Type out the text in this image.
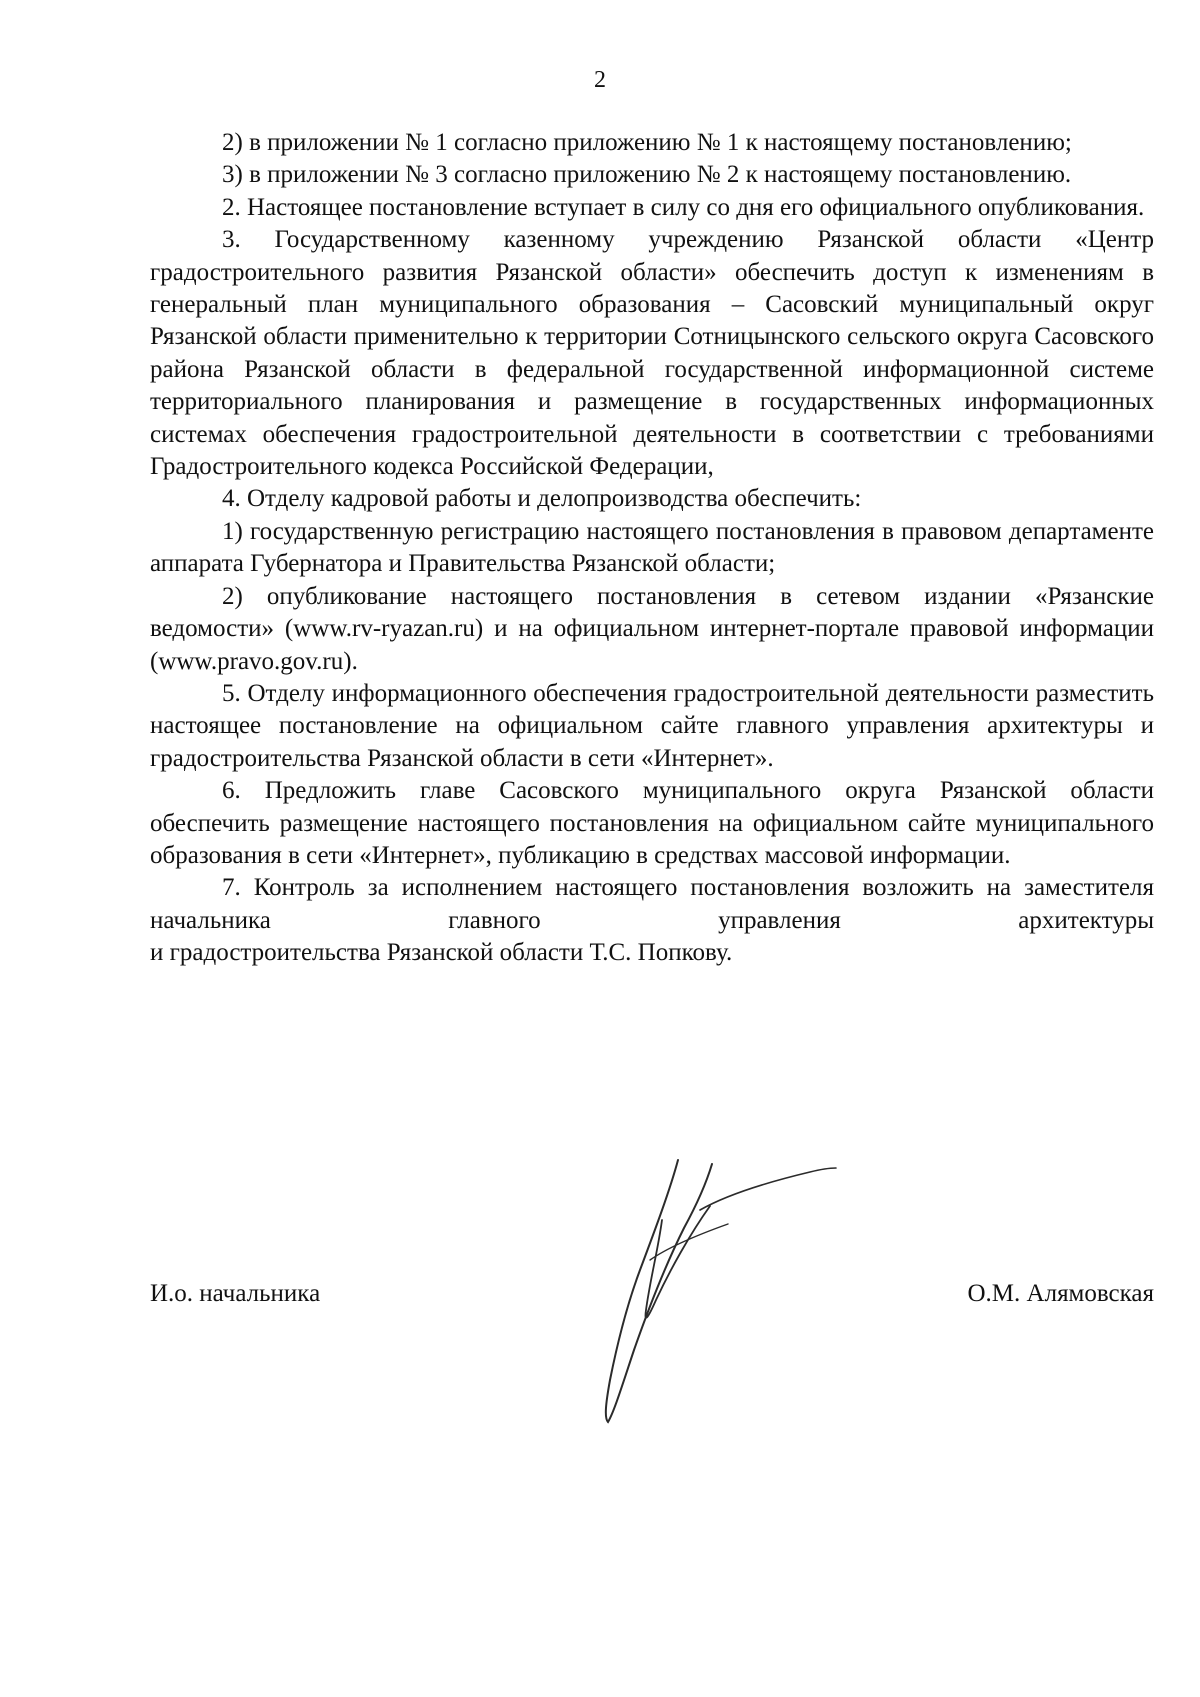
2

2) в приложении № 1 согласно приложению № 1 к настоящему постановлению;

3) в приложении № 3 согласно приложению № 2 к настоящему постановлению.

2. Настоящее постановление вступает в силу со дня его официального опубликования.

3. Государственному казенному учреждению Рязанской области «Центр градостроительного развития Рязанской области» обеспечить доступ к изменениям в генеральный план муниципального образования – Сасовский муниципальный округ Рязанской области применительно к территории Сотницынского сельского округа Сасовского района Рязанской области в федеральной государственной информационной системе территориального планирования и размещение в государственных информационных системах обеспечения градостроительной деятельности в соответствии с требованиями Градостроительного кодекса Российской Федерации,

4. Отделу кадровой работы и делопроизводства обеспечить:

1) государственную регистрацию настоящего постановления в правовом департаменте аппарата Губернатора и Правительства Рязанской области;

2) опубликование настоящего постановления в сетевом издании «Рязанские ведомости» (www.rv-ryazan.ru) и на официальном интернет-портале правовой информации (www.pravo.gov.ru).

5. Отделу информационного обеспечения градостроительной деятельности разместить настоящее постановление на официальном сайте главного управления архитектуры и градостроительства Рязанской области в сети «Интернет».

6. Предложить главе Сасовского муниципального округа Рязанской области обеспечить размещение настоящего постановления на официальном сайте муниципального образования в сети «Интернет», публикацию в средствах массовой информации.

7. Контроль за исполнением настоящего постановления возложить на заместителя начальника главного управления архитектуры

и градостроительства Рязанской области Т.С. Попкову.

И.о. начальника	О.М. Алямовская
